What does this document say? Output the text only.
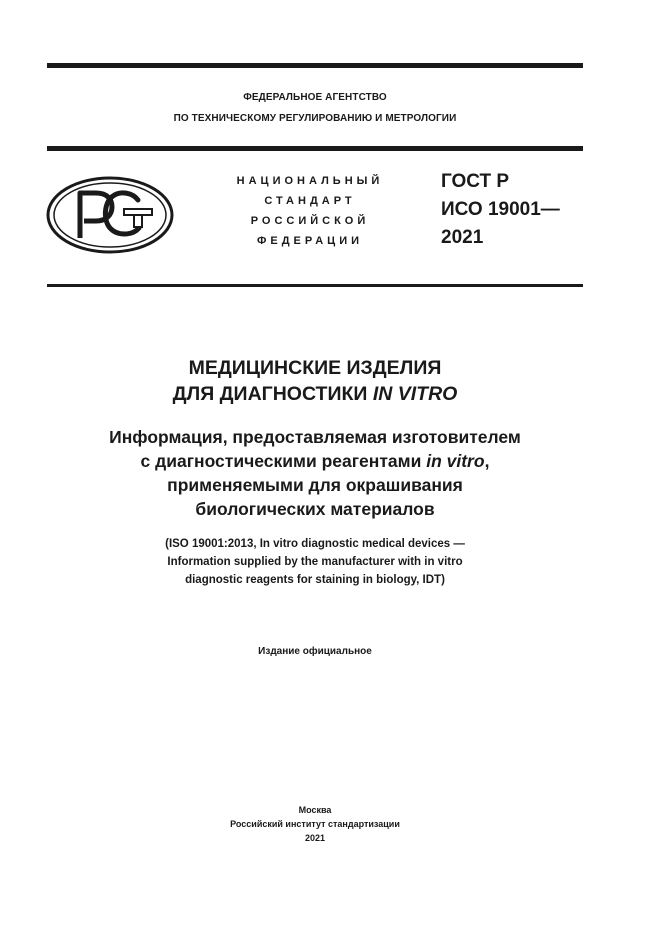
ФЕДЕРАЛЬНОЕ АГЕНТСТВО
ПО ТЕХНИЧЕСКОМУ РЕГУЛИРОВАНИЮ И МЕТРОЛОГИИ
НАЦИОНАЛЬНЫЙ
СТАНДАРТ
РОССИЙСКОЙ
ФЕДЕРАЦИИ
ГОСТ Р
ИСО 19001—
2021
МЕДИЦИНСКИЕ ИЗДЕЛИЯ
ДЛЯ ДИАГНОСТИКИ IN VITRO
Информация, предоставляемая изготовителем
с диагностическими реагентами in vitro,
применяемыми для окрашивания
биологических материалов
(ISO 19001:2013, In vitro diagnostic medical devices —
Information supplied by the manufacturer with in vitro
diagnostic reagents for staining in biology, IDT)
Издание официальное
Москва
Российский институт стандартизации
2021
